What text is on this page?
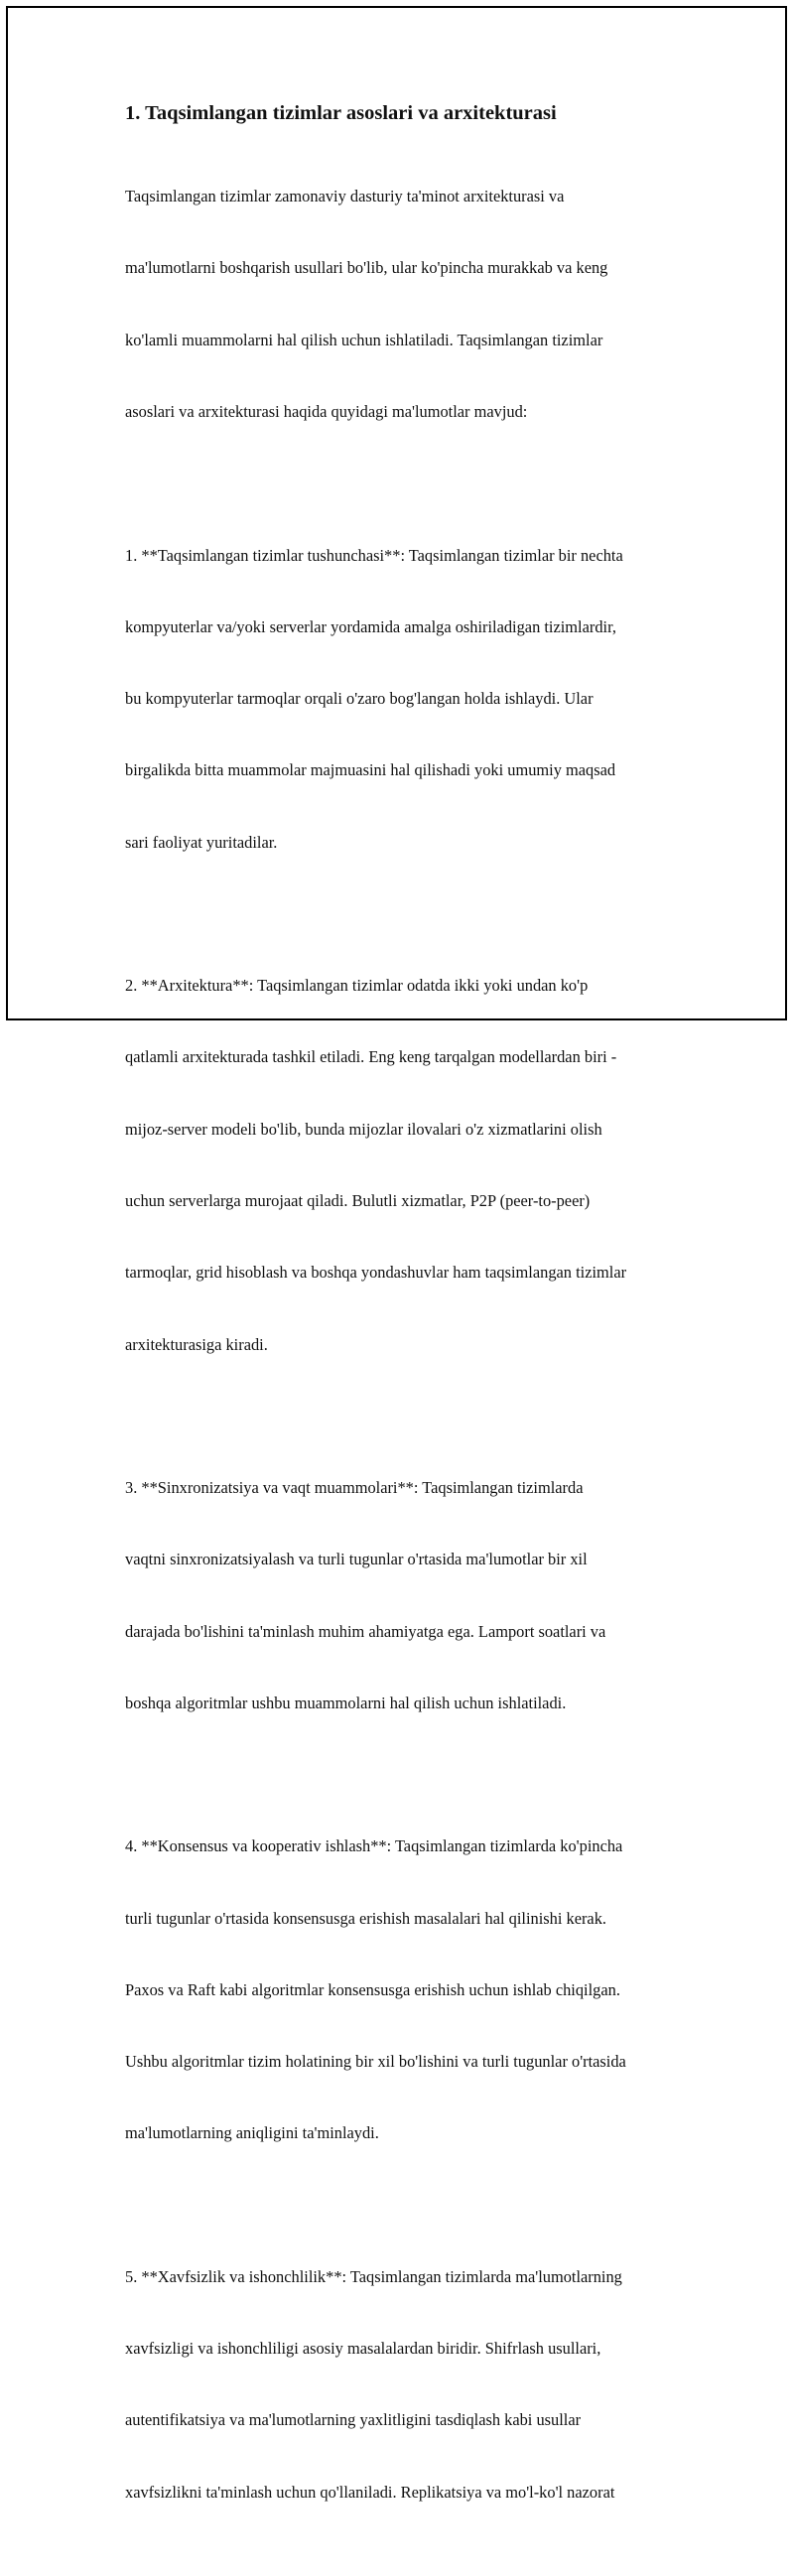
1. Taqsimlangan tizimlar asoslari va arxitekturasi

Taqsimlangan tizimlar zamonaviy dasturiy ta'minot arxitekturasi va

ma'lumotlarni boshqarish usullari bo'lib, ular ko'pincha murakkab va keng

ko'lamli muammolarni hal qilish uchun ishlatiladi. Taqsimlangan tizimlar

asoslari va arxitekturasi haqida quyidagi ma'lumotlar mavjud:

1. **Taqsimlangan tizimlar tushunchasi**: Taqsimlangan tizimlar bir nechta

kompyuterlar va/yoki serverlar yordamida amalga oshiriladigan tizimlardir,

bu kompyuterlar tarmoqlar orqali o'zaro bog'langan holda ishlaydi. Ular

birgalikda bitta muammolar majmuasini hal qilishadi yoki umumiy maqsad

sari faoliyat yuritadilar.

2. **Arxitektura**: Taqsimlangan tizimlar odatda ikki yoki undan ko'p

qatlamli arxitekturada tashkil etiladi. Eng keng tarqalgan modellardan biri -

mijoz-server modeli bo'lib, bunda mijozlar ilovalari o'z xizmatlarini olish

uchun serverlarga murojaat qiladi. Bulutli xizmatlar, P2P (peer-to-peer)

tarmoqlar, grid hisoblash va boshqa yondashuvlar ham taqsimlangan tizimlar

arxitekturasiga kiradi.

3. **Sinxronizatsiya va vaqt muammolari**: Taqsimlangan tizimlarda

vaqtni sinxronizatsiyalash va turli tugunlar o'rtasida ma'lumotlar bir xil

darajada bo'lishini ta'minlash muhim ahamiyatga ega. Lamport soatlari va

boshqa algoritmlar ushbu muammolarni hal qilish uchun ishlatiladi.

4. **Konsensus va kooperativ ishlash**: Taqsimlangan tizimlarda ko'pincha

turli tugunlar o'rtasida konsensusga erishish masalalari hal qilinishi kerak.

Paxos va Raft kabi algoritmlar konsensusga erishish uchun ishlab chiqilgan.

Ushbu algoritmlar tizim holatining bir xil bo'lishini va turli tugunlar o'rtasida

ma'lumotlarning aniqligini ta'minlaydi.

5. **Xavfsizlik va ishonchlilik**: Taqsimlangan tizimlarda ma'lumotlarning

xavfsizligi va ishonchliligi asosiy masalalardan biridir. Shifrlash usullari,

autentifikatsiya va ma'lumotlarning yaxlitligini tasdiqlash kabi usullar

xavfsizlikni ta'minlash uchun qo'llaniladi. Replikatsiya va mo'l-ko'l nazorat
